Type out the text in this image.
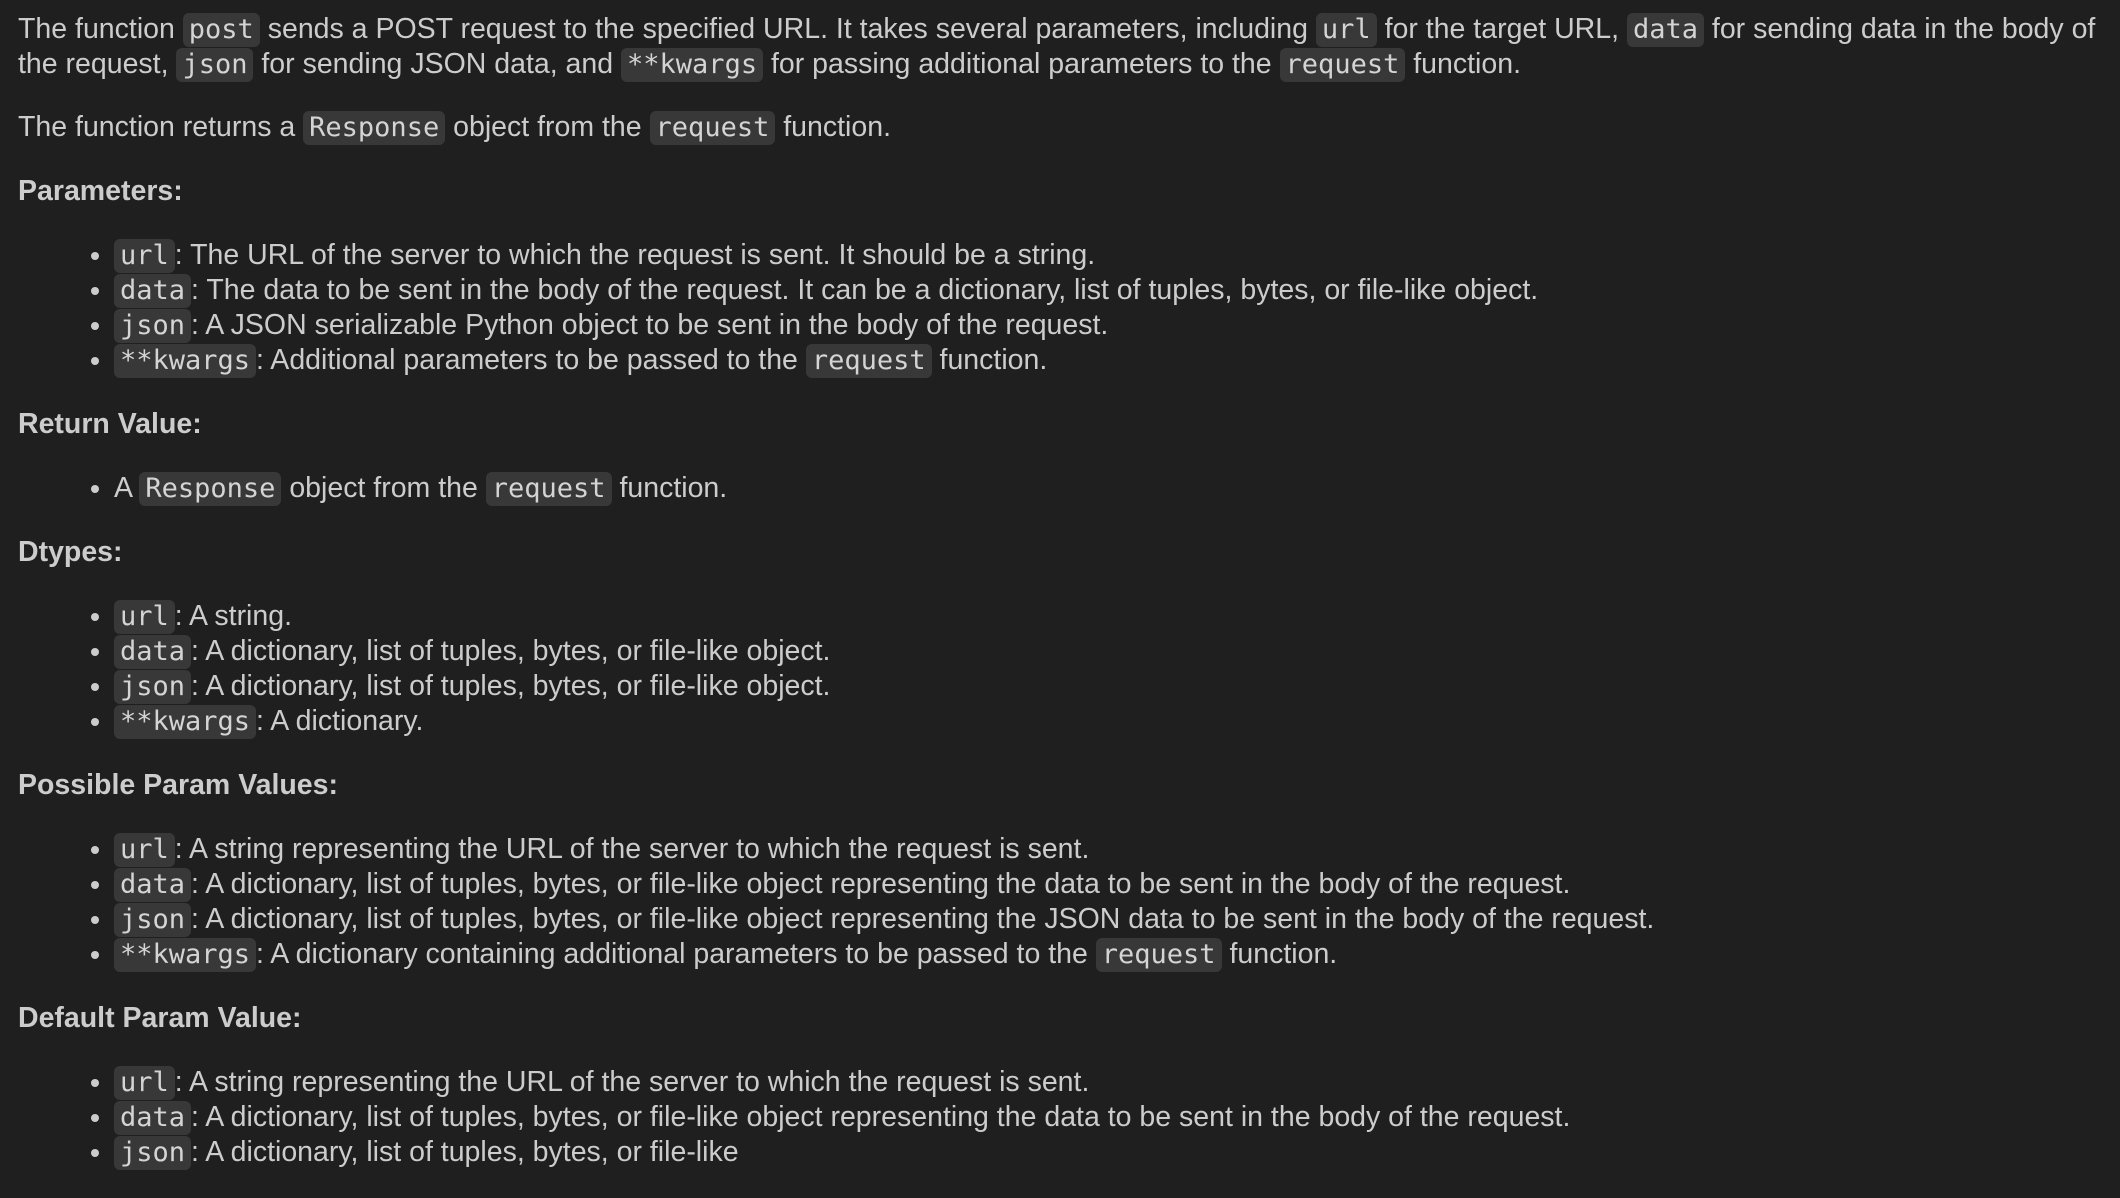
The function post sends a POST request to the specified URL. It takes several parameters, including url for the target URL, data for sending data in the body of the request, json for sending JSON data, and **kwargs for passing additional parameters to the request function.

The function returns a Response object from the request function.

Parameters:
• url : The URL of the server to which the request is sent. It should be a string.
• data : The data to be sent in the body of the request. It can be a dictionary, list of tuples, bytes, or file-like object.
• json : A JSON serializable Python object to be sent in the body of the request.
• **kwargs : Additional parameters to be passed to the request function.
Return Value:
• A Response object from the request function.
Dtypes:
• url : A string.
• data : A dictionary, list of tuples, bytes, or file-like object.
• json : A dictionary, list of tuples, bytes, or file-like object.
• **kwargs : A dictionary.
Possible Param Values:
• url : A string representing the URL of the server to which the request is sent.
• data : A dictionary, list of tuples, bytes, or file-like object representing the data to be sent in the body of the request.
• json : A dictionary, list of tuples, bytes, or file-like object representing the JSON data to be sent in the body of the request.
• **kwargs : A dictionary containing additional parameters to be passed to the request function.
Default Param Value:
• url : A string representing the URL of the server to which the request is sent.
• data : A dictionary, list of tuples, bytes, or file-like object representing the data to be sent in the body of the request.
• json : A dictionary, list of tuples, bytes, or file-like
